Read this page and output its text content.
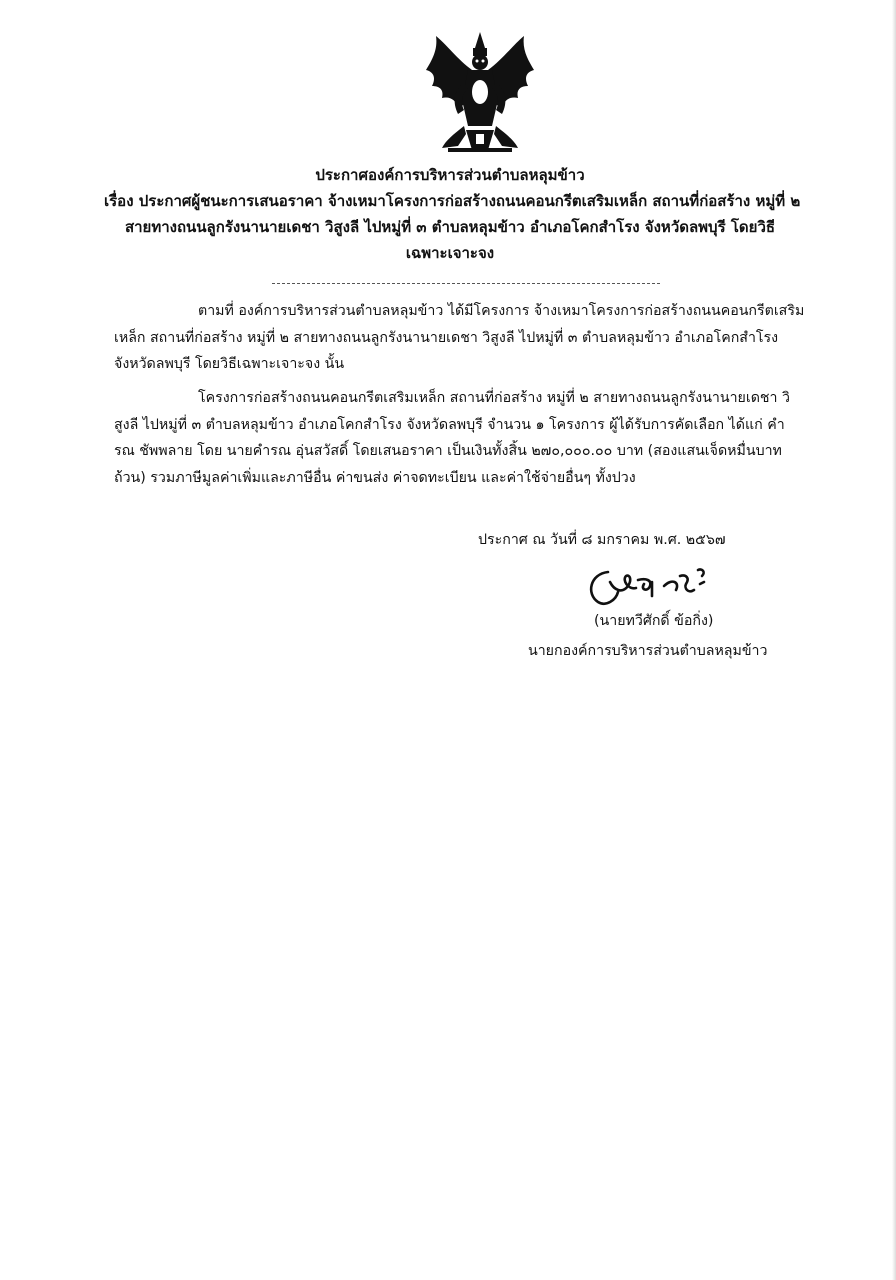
ประกาศองค์การบริหารส่วนตำบลหลุมข้าว
เรื่อง ประกาศผู้ชนะการเสนอราคา จ้างเหมาโครงการก่อสร้างถนนคอนกรีตเสริมเหล็ก สถานที่ก่อสร้าง หมู่ที่ ๒
สายทางถนนลูกรังนานายเดชา วิสูงลี ไปหมู่ที่ ๓ ตำบลหลุมข้าว อำเภอโคกสำโรง จังหวัดลพบุรี โดยวิธี
เฉพาะเจาะจง
ตามที่ องค์การบริหารส่วนตำบลหลุมข้าว ได้มีโครงการ จ้างเหมาโครงการก่อสร้างถนนคอนกรีตเสริม
เหล็ก สถานที่ก่อสร้าง หมู่ที่ ๒ สายทางถนนลูกรังนานายเดชา วิสูงลี ไปหมู่ที่ ๓ ตำบลหลุมข้าว อำเภอโคกสำโรง
จังหวัดลพบุรี โดยวิธีเฉพาะเจาะจง นั้น
โครงการก่อสร้างถนนคอนกรีตเสริมเหล็ก สถานที่ก่อสร้าง หมู่ที่ ๒ สายทางถนนลูกรังนานายเดชา วิ
สูงลี ไปหมู่ที่ ๓ ตำบลหลุมข้าว อำเภอโคกสำโรง จังหวัดลพบุรี จำนวน ๑ โครงการ ผู้ได้รับการคัดเลือก ได้แก่ คำ
รณ ชัพพลาย โดย นายคำรณ อุ่นสวัสดิ์ โดยเสนอราคา เป็นเงินทั้งสิ้น ๒๗๐,๐๐๐.๐๐ บาท (สองแสนเจ็ดหมื่นบาท
ถ้วน) รวมภาษีมูลค่าเพิ่มและภาษีอื่น ค่าขนส่ง ค่าจดทะเบียน และค่าใช้จ่ายอื่นๆ ทั้งปวง
ประกาศ ณ วันที่ ๘ มกราคม พ.ศ. ๒๕๖๗
(นายทวีศักดิ์ ข้อกิ่ง)
นายกองค์การบริหารส่วนตำบลหลุมข้าว
